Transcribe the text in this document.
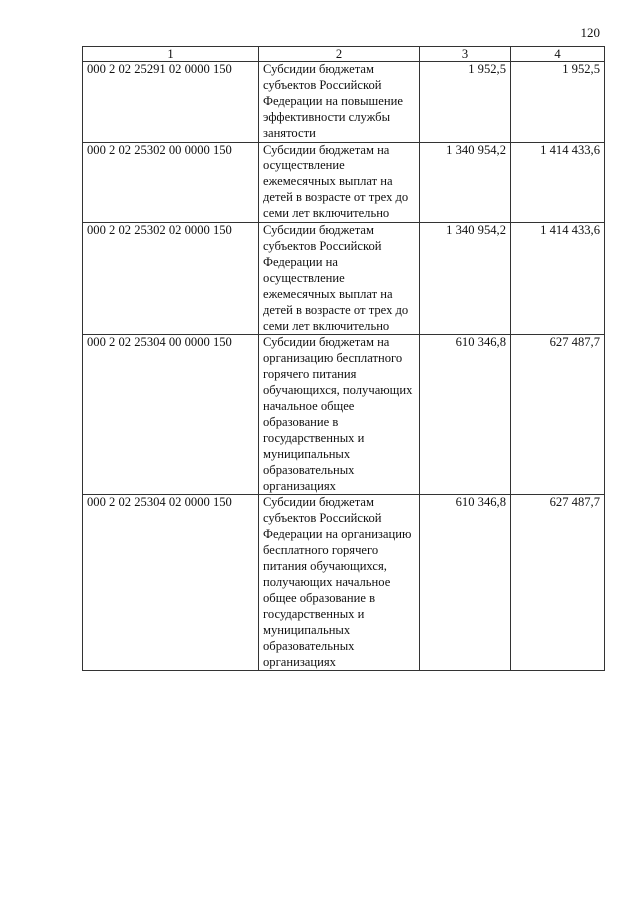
120
1	2	3	4
000 2 02 25291 02 0000 150	Субсидии бюджетам субъектов Российской Федерации на повышение эффективности службы занятости	1 952,5	1 952,5
000 2 02 25302 00 0000 150	Субсидии бюджетам на осуществление ежемесячных выплат на детей в возрасте от трех до семи лет включительно	1 340 954,2	1 414 433,6
000 2 02 25302 02 0000 150	Субсидии бюджетам субъектов Российской Федерации на осуществление ежемесячных выплат на детей в возрасте от трех до семи лет включительно	1 340 954,2	1 414 433,6
000 2 02 25304 00 0000 150	Субсидии бюджетам на организацию бесплатного горячего питания обучающихся, получающих начальное общее образование в государственных и муниципальных образовательных организациях	610 346,8	627 487,7
000 2 02 25304 02 0000 150	Субсидии бюджетам субъектов Российской Федерации на организацию бесплатного горячего питания обучающихся, получающих начальное общее образование в государственных и муниципальных образовательных организациях	610 346,8	627 487,7
